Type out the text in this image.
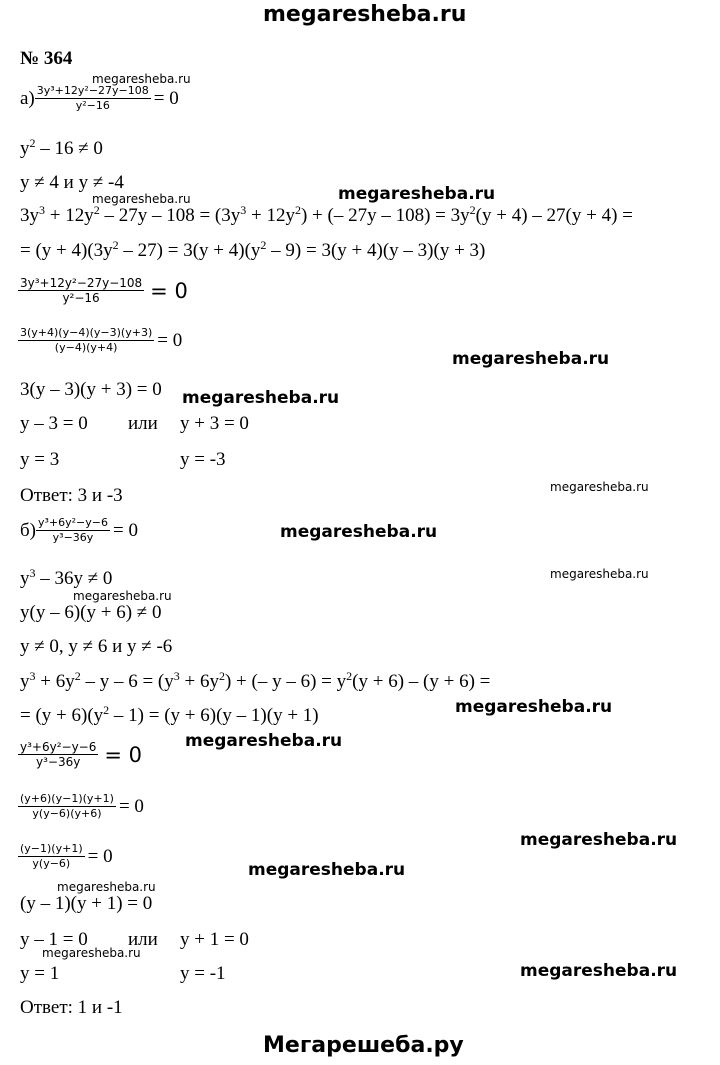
megaresheba.ru
Мегарешеба.ру
№ 364
$а) \frac{\text{3y³+12y²−27y−108}}{\text{y²−16}} = 0$
$y^2 - 16 \ne 0$
y ≠ 4 и y ≠ -4
$3y^3 + 12y^2 - 27y - 108 = (3y^3 + 12y^2)$ + (– $27y - 108) = 3y^2(y + 4) - 27(y + 4)$ =
= $(y + 4)(3y^2 - 27) = 3(y + 4)(y^2 - 9) = 3(y + 4)(y - 3)(y + 3)$
$\frac{\text{3y³+12y²−27y−108}}{\text{y²−16}} = 0$
$\frac{3(y+4)(y-4)(y-3)(y+3)}{(y-4)(y+4)} = 0$
3(y – 3)(y + 3) = 0
y – 3 = 0 или y + 3 = 0
y = 3	y = -3
Ответ: 3 и -3
$б) \frac{\text{y³+6y²−y−6}}{\text{y³−36y}} = 0$
$y^3 - 36y \ne 0$
y(y – 6)(y + 6) ≠ 0
y ≠ 0, y ≠ 6 и y ≠ -6
$y^3 + 6y^2 - y - 6 = (y^3 + 6y^2)$ + (– $y - 6) = y^2(y + 6) - (y + 6)$ =
= $(y + 6)(y^2 - 1) = (y + 6)(y - 1)(y + 1)$
$\frac{\text{y³+6y²−y−6}}{\text{y³−36y}} = 0$
$\frac{(y+6)(y-1)(y+1)}{y(y-6)(y+6)} = 0$
$\frac{(y-1)(y+1)}{y(y-6)} = 0$
(y – 1)(y + 1) = 0
y – 1 = 0 или y + 1 = 0
y = 1	y = -1
Ответ: 1 и -1
megaresheba.ru
megaresheba.ru	megaresheba.ru
megaresheba.ru
megaresheba.ru
megaresheba.ru
megaresheba.ru
megaresheba.ru
megaresheba.ru
megaresheba.ru
megaresheba.ru
megaresheba.ru
megaresheba.ru
megaresheba.ru
megaresheba.ru
megaresheba.ru
